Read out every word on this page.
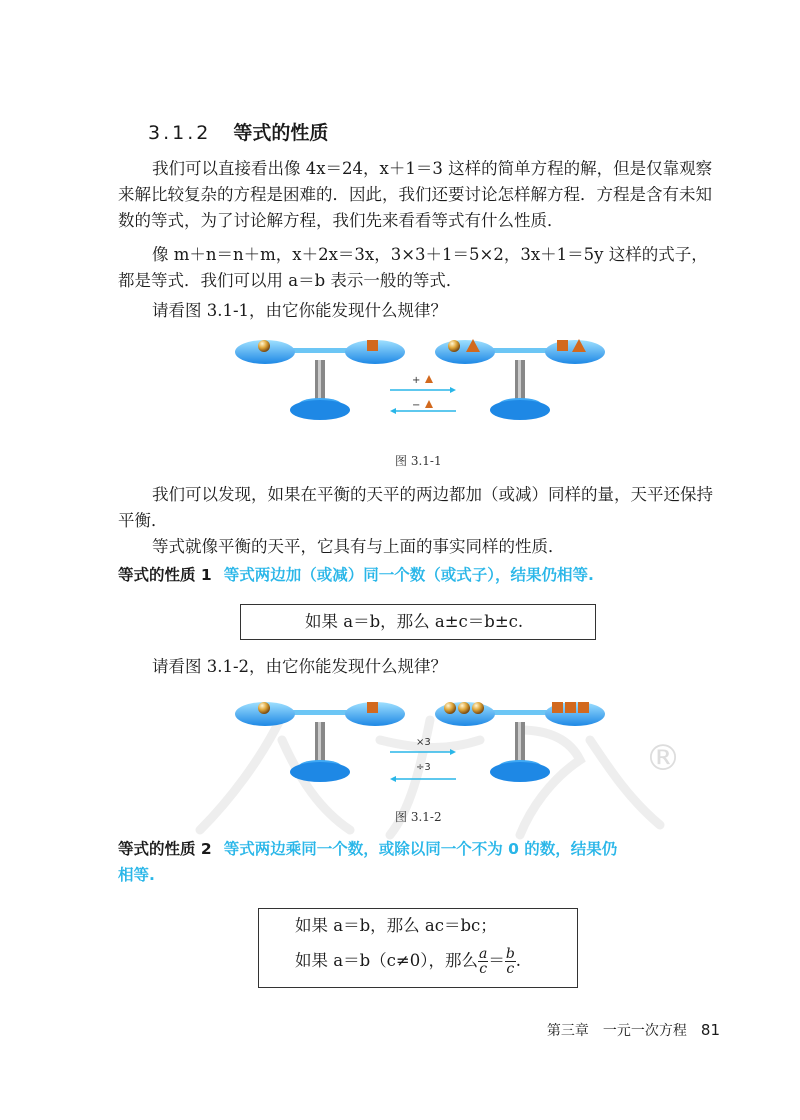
®
3.1.2 等式的性质
我们可以直接看出像 4x＝24，x＋1＝3 这样的简单方程的解，但是仅靠观察来解比较复杂的方程是困难的．因此，我们还要讨论怎样解方程．方程是含有未知数的等式，为了讨论解方程，我们先来看看等式有什么性质．
像 m＋n＝n＋m，x＋2x＝3x，3×3＋1＝5×2，3x＋1＝5y 这样的式子，都是等式．我们可以用 a＝b 表示一般的等式．
请看图 3.1-1，由它你能发现什么规律？
+
−
图 3.1-1
我们可以发现，如果在平衡的天平的两边都加（或减）同样的量，天平还保持平衡．
等式就像平衡的天平，它具有与上面的事实同样的性质．
等式的性质 1 等式两边加（或减）同一个数（或式子），结果仍相等.
如果 a＝b，那么 a±c＝b±c.
请看图 3.1-2，由它你能发现什么规律？
×3
÷3
图 3.1-2
等式的性质 2 等式两边乘同一个数，或除以同一个不为 0 的数，结果仍
相等.
如果 a＝b，那么 ac＝bc；
如果 a＝b（c≠0），那么 $\frac{a}{c} = \frac{b}{c}$ .
第三章　一元一次方程 81
